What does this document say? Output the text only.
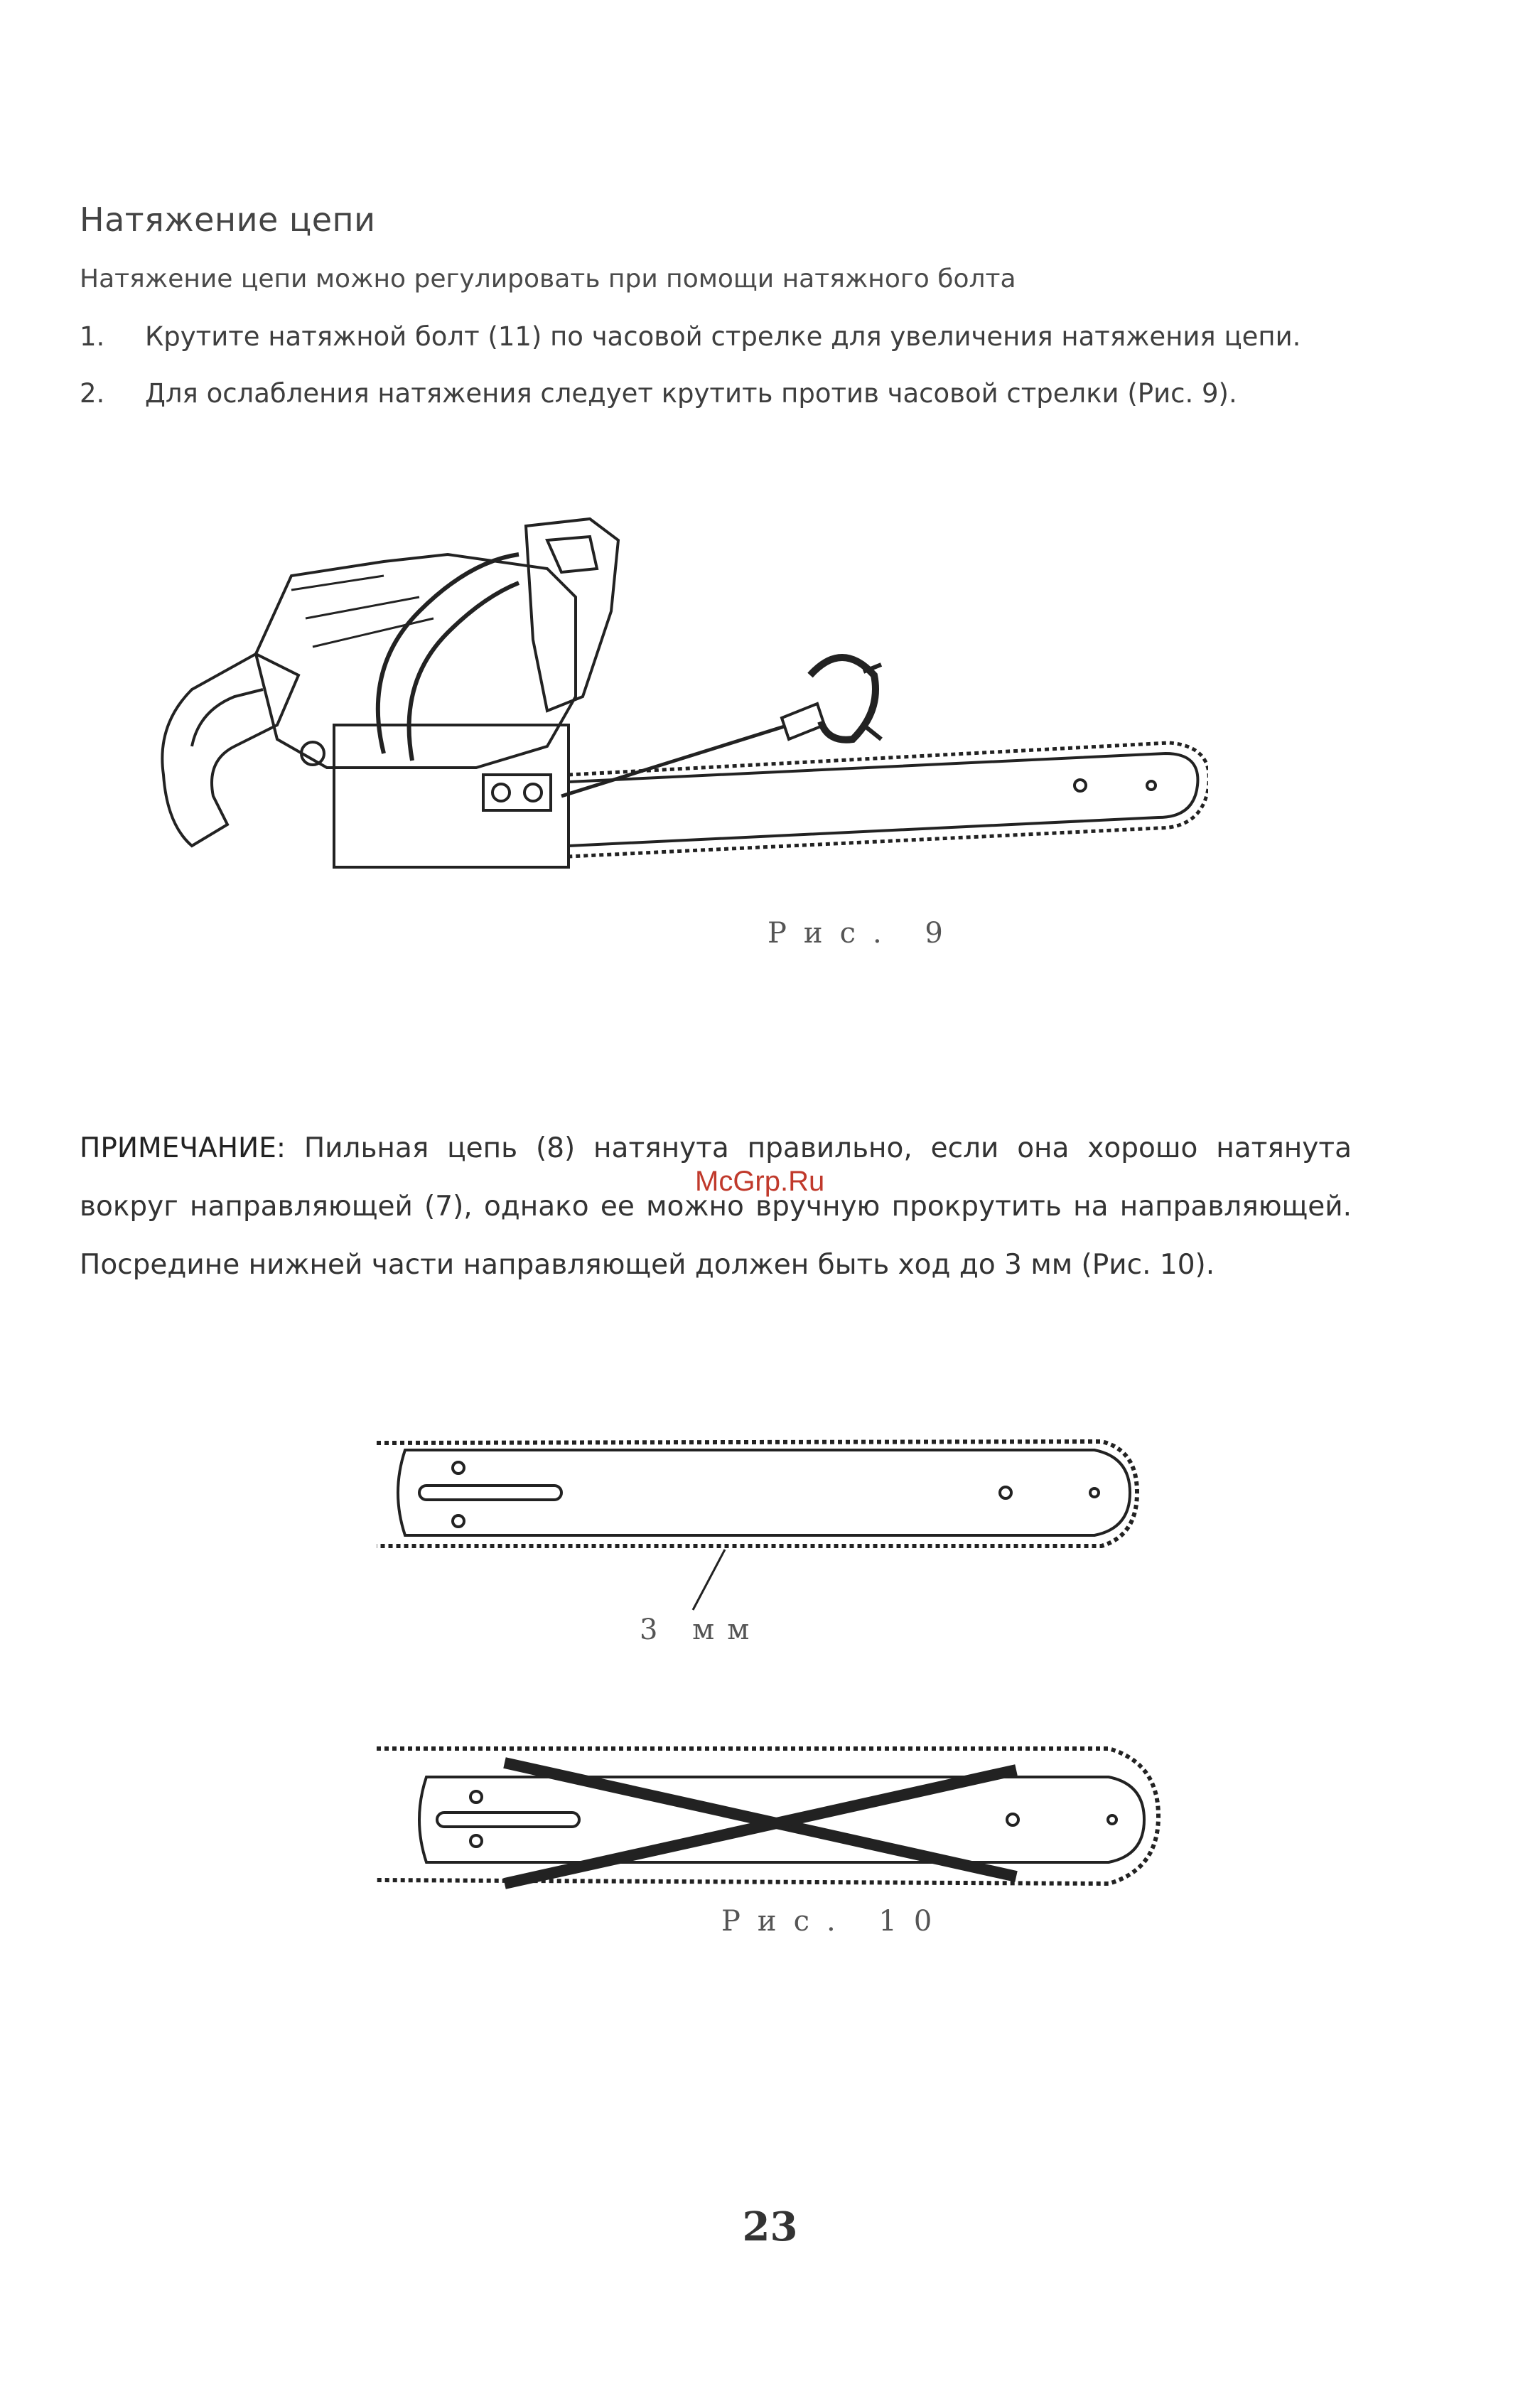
Натяжение цепи
Натяжение цепи можно регулировать при помощи натяжного болта
1. Крутите натяжной болт (11) по часовой стрелке для увеличения натяжения цепи.
2. Для ослабления натяжения следует крутить против часовой стрелки (Рис. 9).
Рис. 9
ПРИМЕЧАНИЕ: Пильная цепь (8) натянута правильно, если она хорошо натянута вокруг направляющей (7), однако ее можно вручную прокрутить на направляющей. Посредине нижней части направляющей должен быть ход до 3 мм (Рис. 10).
McGrp.Ru
3 мм
Рис. 10
23
